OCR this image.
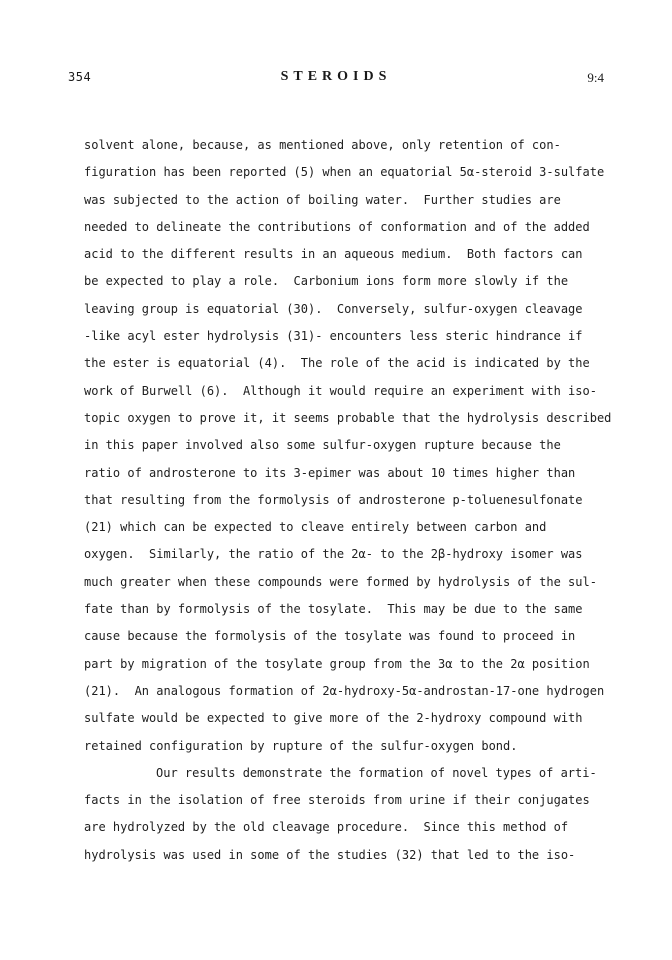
354	STEROIDS	9:4
solvent alone, because, as mentioned above, only retention of con-
figuration has been reported (5) when an equatorial 5α-steroid 3-sulfate
was subjected to the action of boiling water.  Further studies are
needed to delineate the contributions of conformation and of the added
acid to the different results in an aqueous medium.  Both factors can
be expected to play a role.  Carbonium ions form more slowly if the
leaving group is equatorial (30).  Conversely, sulfur-oxygen cleavage
-like acyl ester hydrolysis (31)- encounters less steric hindrance if
the ester is equatorial (4).  The role of the acid is indicated by the
work of Burwell (6).  Although it would require an experiment with iso-
topic oxygen to prove it, it seems probable that the hydrolysis described
in this paper involved also some sulfur-oxygen rupture because the
ratio of androsterone to its 3-epimer was about 10 times higher than
that resulting from the formolysis of androsterone p-toluenesulfonate
(21) which can be expected to cleave entirely between carbon and
oxygen.  Similarly, the ratio of the 2α- to the 2β-hydroxy isomer was
much greater when these compounds were formed by hydrolysis of the sul-
fate than by formolysis of the tosylate.  This may be due to the same
cause because the formolysis of the tosylate was found to proceed in
part by migration of the tosylate group from the 3α to the 2α position
(21).  An analogous formation of 2α-hydroxy-5α-androstan-17-one hydrogen
sulfate would be expected to give more of the 2-hydroxy compound with
retained configuration by rupture of the sulfur-oxygen bond.
Our results demonstrate the formation of novel types of arti-
facts in the isolation of free steroids from urine if their conjugates
are hydrolyzed by the old cleavage procedure.  Since this method of
hydrolysis was used in some of the studies (32) that led to the iso-
